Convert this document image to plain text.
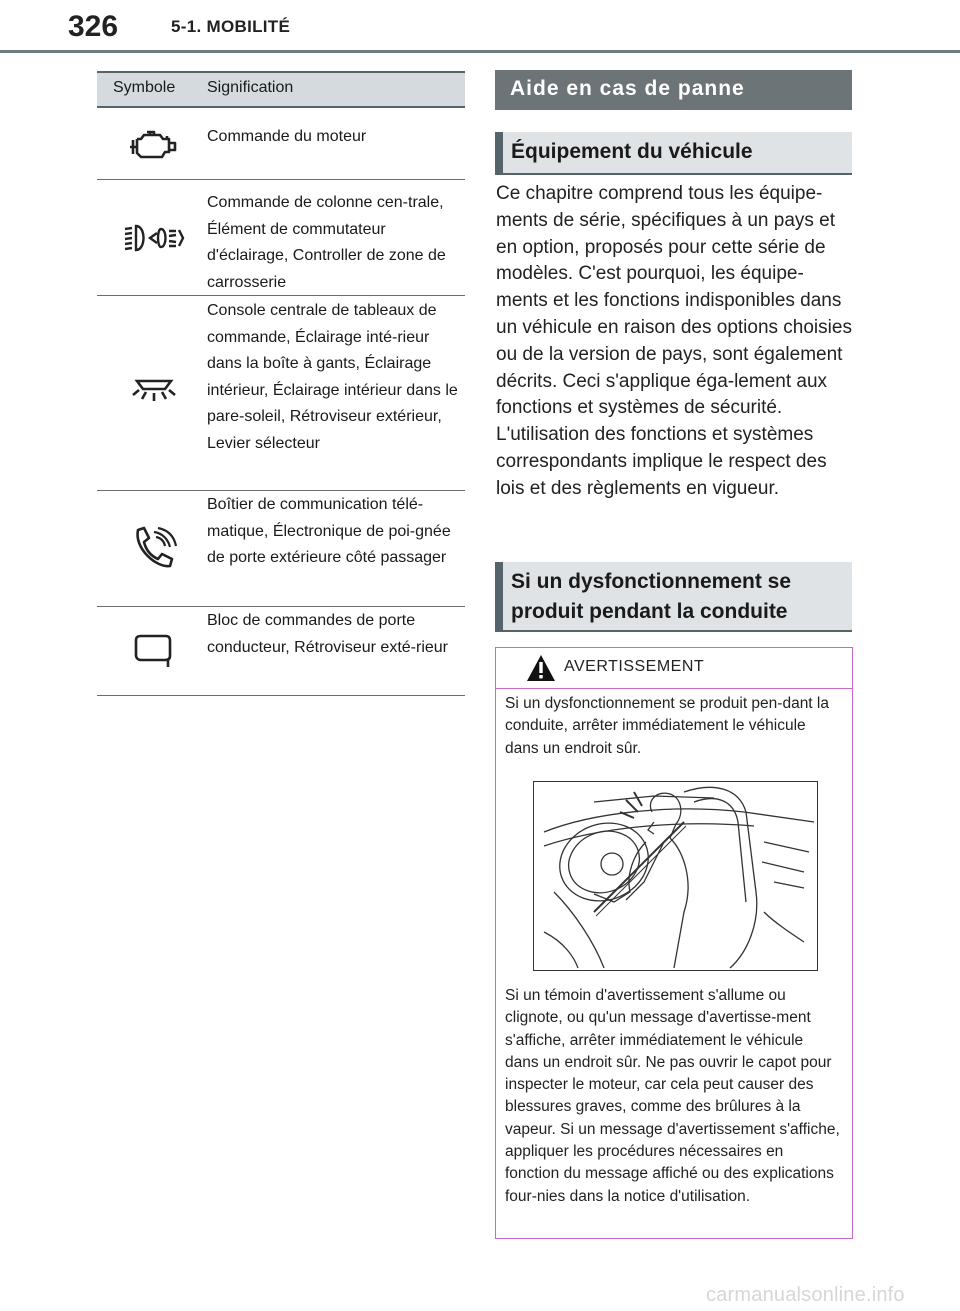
326	5-1. MOBILITÉ
Symbole	Signification
Commande du moteur
Commande de colonne cen-trale, Élément de commutateur d'éclairage, Controller de zone de carrosserie
Console centrale de tableaux de commande, Éclairage inté-rieur dans la boîte à gants, Éclairage intérieur, Éclairage intérieur dans le pare-soleil, Rétroviseur extérieur, Levier sélecteur
Boîtier de communication télé-matique, Électronique de poi-gnée de porte extérieure côté passager
Bloc de commandes de porte conducteur, Rétroviseur exté-rieur
Aide en cas de panne
Équipement du véhicule
Ce chapitre comprend tous les équipe-ments de série, spécifiques à un pays et en option, proposés pour cette série de modèles. C'est pourquoi, les équipe-ments et les fonctions indisponibles dans un véhicule en raison des options choisies ou de la version de pays, sont également décrits. Ceci s'applique éga-lement aux fonctions et systèmes de sécurité. L'utilisation des fonctions et systèmes correspondants implique le respect des lois et des règlements en vigueur.
Si un dysfonctionnement se produit pendant la conduite
AVERTISSEMENT
Si un dysfonctionnement se produit pen-dant la conduite, arrêter immédiatement le véhicule dans un endroit sûr.
Si un témoin d'avertissement s'allume ou clignote, ou qu'un message d'avertisse-ment s'affiche, arrêter immédiatement le véhicule dans un endroit sûr. Ne pas ouvrir le capot pour inspecter le moteur, car cela peut causer des blessures graves, comme des brûlures à la vapeur. Si un message d'avertissement s'affiche, appliquer les procédures nécessaires en fonction du message affiché ou des explications four-nies dans la notice d'utilisation.
carmanualsonline.info
